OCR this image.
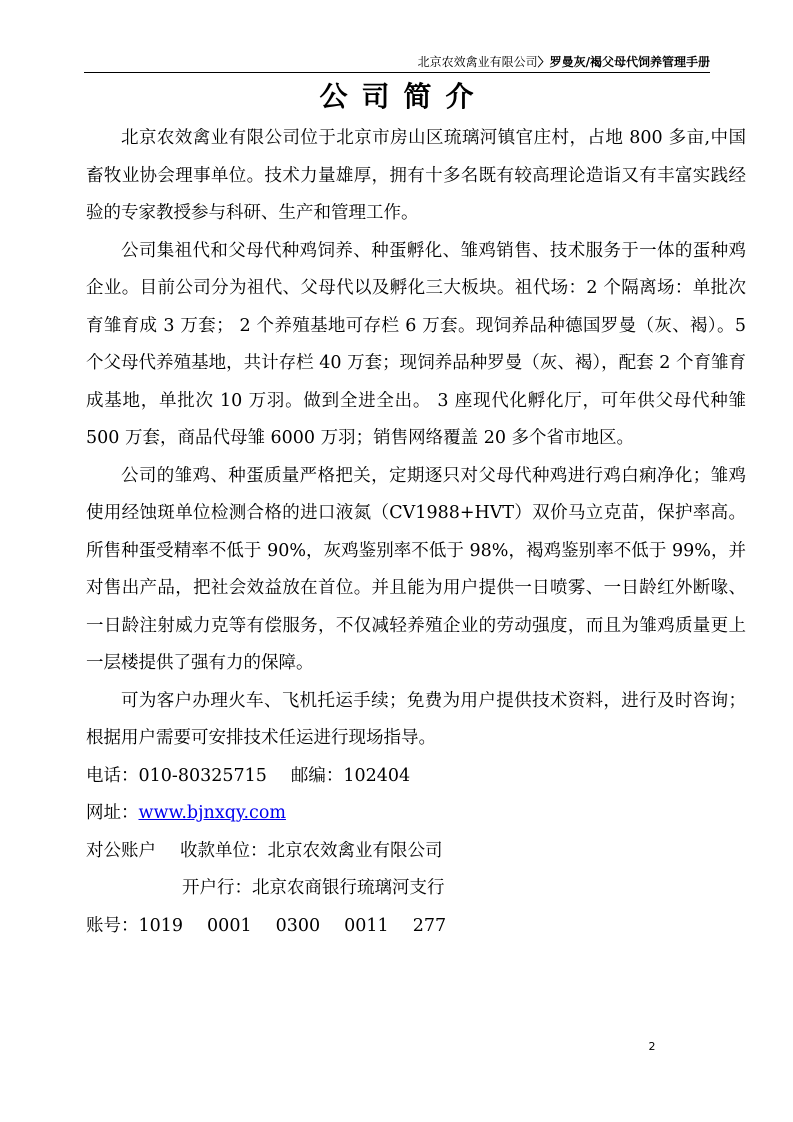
北京农效禽业有限公司〉罗曼灰/褐父母代饲养管理手册
公司简介

北京农效禽业有限公司位于北京市房山区琉璃河镇官庄村，占地 800 多亩,中国畜牧业协会理事单位。技术力量雄厚，拥有十多名既有较高理论造诣又有丰富实践经验的专家教授参与科研、生产和管理工作。

公司集祖代和父母代种鸡饲养、种蛋孵化、雏鸡销售、技术服务于一体的蛋种鸡企业。目前公司分为祖代、父母代以及孵化三大板块。祖代场：2 个隔离场：单批次育雏育成 3 万套； 2 个养殖基地可存栏 6 万套。现饲养品种德国罗曼（灰、褐）。5 个父母代养殖基地，共计存栏 40 万套；现饲养品种罗曼（灰、褐），配套 2 个育雏育成基地，单批次 10 万羽。做到全进全出。 3 座现代化孵化厅，可年供父母代种雏 500 万套，商品代母雏 6000 万羽；销售网络覆盖 20 多个省市地区。

公司的雏鸡、种蛋质量严格把关，定期逐只对父母代种鸡进行鸡白痢净化；雏鸡使用经蚀斑单位检测合格的进口液氮（CV1988+HVT）双价马立克苗，保护率高。所售种蛋受精率不低于 90%，灰鸡鉴别率不低于 98%，褐鸡鉴别率不低于 99%，并对售出产品，把社会效益放在首位。并且能为用户提供一日喷雾、一日龄红外断喙、一日龄注射威力克等有偿服务，不仅减轻养殖企业的劳动强度，而且为雏鸡质量更上一层楼提供了强有力的保障。

可为客户办理火车、飞机托运手续；免费为用户提供技术资料，进行及时咨询；根据用户需要可安排技术任运进行现场指导。

电话：010-80325715 邮编：102404

网址：www.bjnxqy.com

对公账户 收款单位：北京农效禽业有限公司

开户行：北京农商银行琉璃河支行

账号：1019 0001 0300 0011 277

2
